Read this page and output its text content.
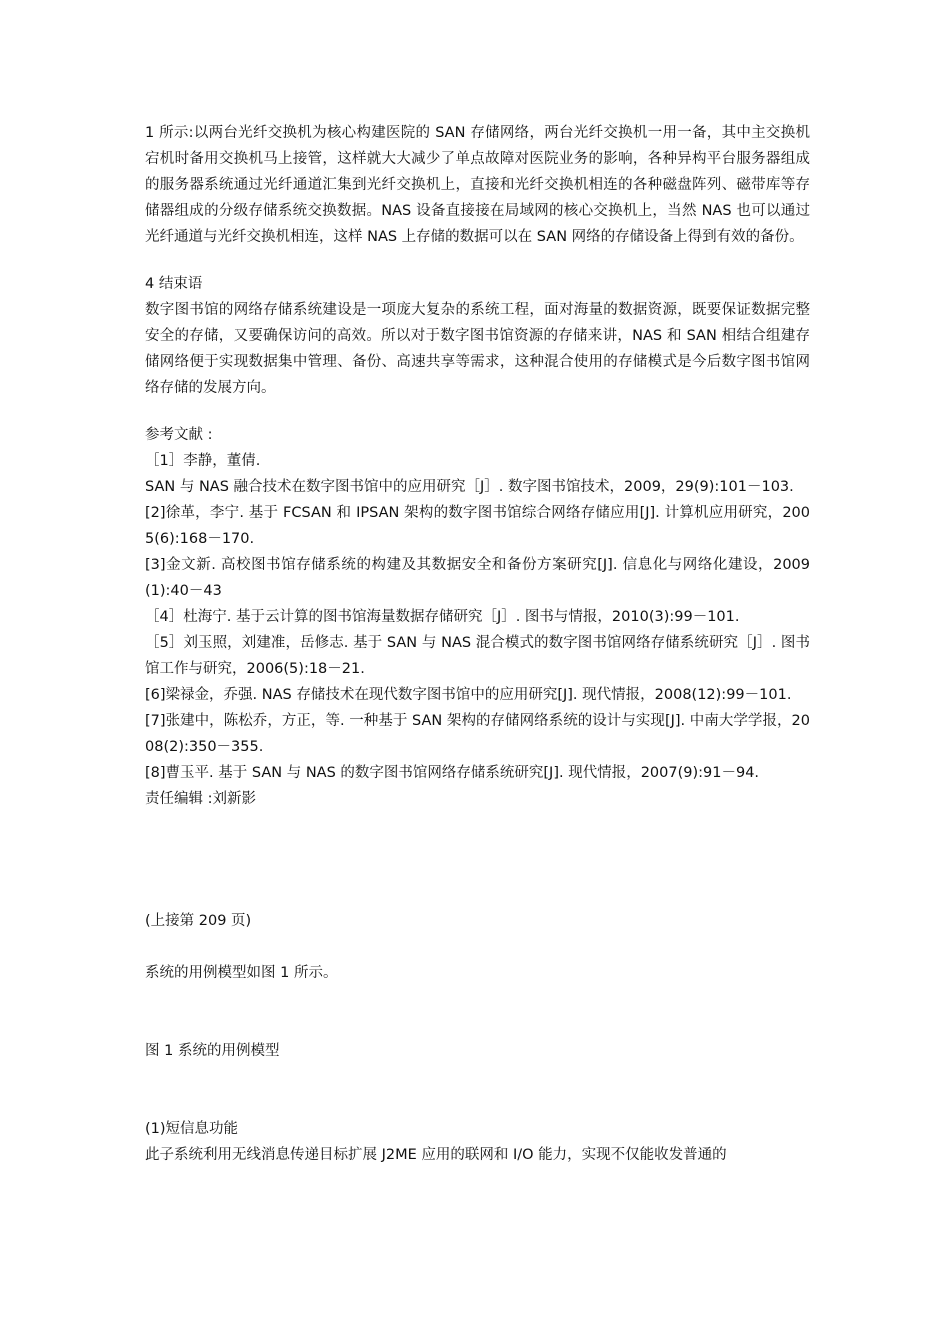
1 所示:以两台光纤交换机为核心构建医院的 SAN 存储网络，两台光纤交换机一用一备，其中主交换机宕机时备用交换机马上接管，这样就大大减少了单点故障对医院业务的影响，各种异构平台服务器组成的服务器系统通过光纤通道汇集到光纤交换机上，直接和光纤交换机相连的各种磁盘阵列、磁带库等存储器组成的分级存储系统交换数据。NAS 设备直接接在局域网的核心交换机上，当然 NAS 也可以通过光纤通道与光纤交换机相连，这样 NAS 上存储的数据可以在 SAN 网络的存储设备上得到有效的备份。

4 结束语

数字图书馆的网络存储系统建设是一项庞大复杂的系统工程，面对海量的数据资源，既要保证数据完整安全的存储，又要确保访问的高效。所以对于数字图书馆资源的存储来讲，NAS 和 SAN 相结合组建存储网络便于实现数据集中管理、备份、高速共享等需求，这种混合使用的存储模式是今后数字图书馆网络存储的发展方向。

参考文献 :

［1］李静，董倩.

SAN 与 NAS 融合技术在数字图书馆中的应用研究［J］. 数字图书馆技术，2009，29(9):101－103.

[2]徐革，李宁. 基于 FCSAN 和 IPSAN 架构的数字图书馆综合网络存储应用[J]. 计算机应用研究，2005(6):168－170.

[3]金文新. 高校图书馆存储系统的构建及其数据安全和备份方案研究[J]. 信息化与网络化建设，2009(1):40－43

［4］杜海宁. 基于云计算的图书馆海量数据存储研究［J］. 图书与情报，2010(3):99－101.

［5］刘玉照，刘建准，岳修志. 基于 SAN 与 NAS 混合模式的数字图书馆网络存储系统研究［J］. 图书馆工作与研究，2006(5):18－21.

[6]梁禄金，乔强. NAS 存储技术在现代数字图书馆中的应用研究[J]. 现代情报，2008(12):99－101.

[7]张建中，陈松乔，方正，等. 一种基于 SAN 架构的存储网络系统的设计与实现[J]. 中南大学学报，2008(2):350－355.

[8]曹玉平. 基于 SAN 与 NAS 的数字图书馆网络存储系统研究[J]. 现代情报，2007(9):91－94.

责任编辑 :刘新影

(上接第 209 页)

系统的用例模型如图 1 所示。

图 1 系统的用例模型

(1)短信息功能

此子系统利用无线消息传递目标扩展 J2ME 应用的联网和 I/O 能力，实现不仅能收发普通的
